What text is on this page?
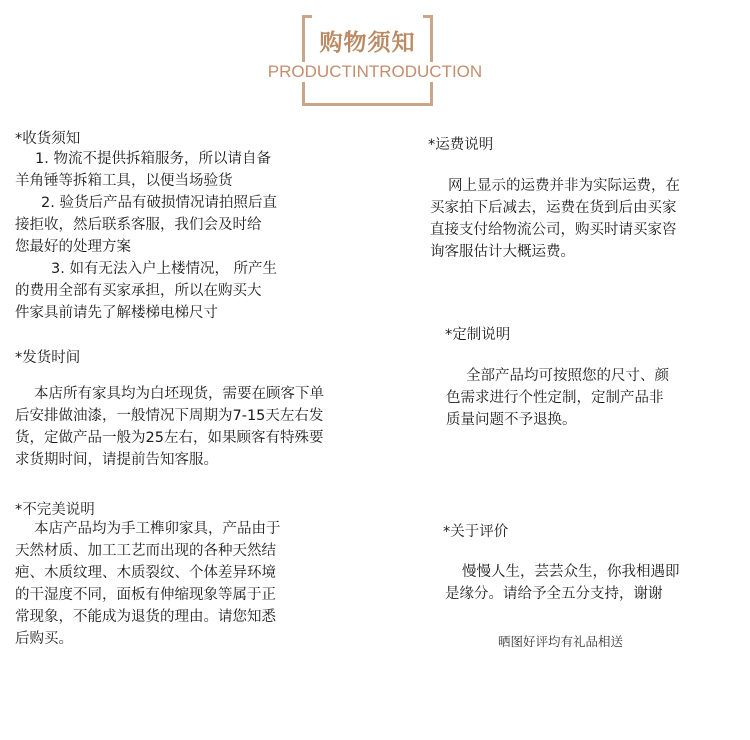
购物须知
PRODUCTINTRODUCTION
*收货须知
1. 物流不提供拆箱服务，所以请自备
羊角锤等拆箱工具，以便当场验货
2. 验货后产品有破损情况请拍照后直
接拒收，然后联系客服，我们会及时给
您最好的处理方案
3. 如有无法入户上楼情况， 所产生
的费用全部有买家承担，所以在购买大
件家具前请先了解楼梯电梯尺寸
*发货时间
本店所有家具均为白坯现货，需要在顾客下单
后安排做油漆，一般情况下周期为7-15天左右发
货，定做产品一般为25左右，如果顾客有特殊要
求货期时间，请提前告知客服。
*不完美说明
本店产品均为手工榫卯家具，产品由于
天然材质、加工工艺而出现的各种天然结
疤、木质纹理、木质裂纹、个体差异环境
的干湿度不同，面板有伸缩现象等属于正
常现象，不能成为退货的理由。请您知悉
后购买。
*运费说明
网上显示的运费并非为实际运费，在
买家拍下后减去，运费在货到后由买家
直接支付给物流公司，购买时请买家咨
询客服估计大概运费。
*定制说明
全部产品均可按照您的尺寸、颜
色需求进行个性定制，定制产品非
质量问题不予退换。
*关于评价
慢慢人生，芸芸众生，你我相遇即
是缘分。请给予全五分支持，谢谢
晒图好评均有礼品相送
